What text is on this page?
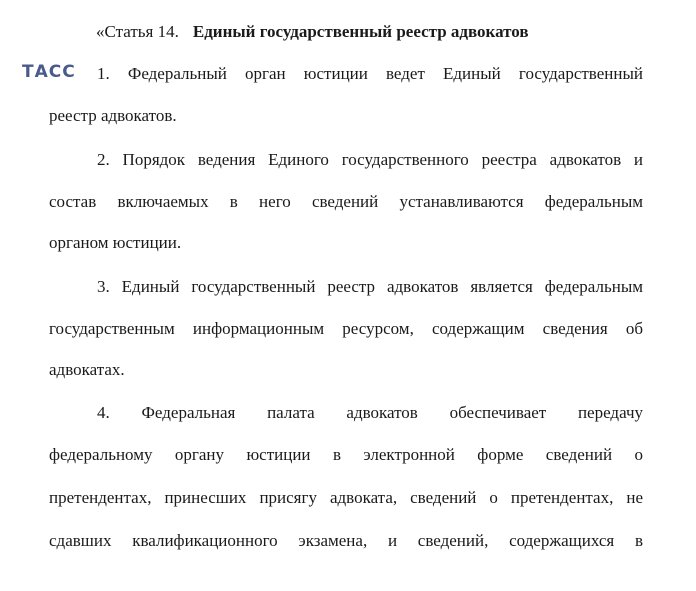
«Статья 14. Единый государственный реестр адвокатов
ТАСС 1. Федеральный орган юстиции ведет Единый государственный
реестр адвокатов.
2. Порядок ведения Единого государственного реестра адвокатов и
состав включаемых в него сведений устанавливаются федеральным
органом юстиции.
3. Единый государственный реестр адвокатов является федеральным
государственным информационным ресурсом, содержащим сведения об
адвокатах.
4. Федеральная палата адвокатов обеспечивает передачу
федеральному органу юстиции в электронной форме сведений о
претендентах, принесших присягу адвоката, сведений о претендентах, не
сдавших квалификационного экзамена, и сведений, содержащихся в
